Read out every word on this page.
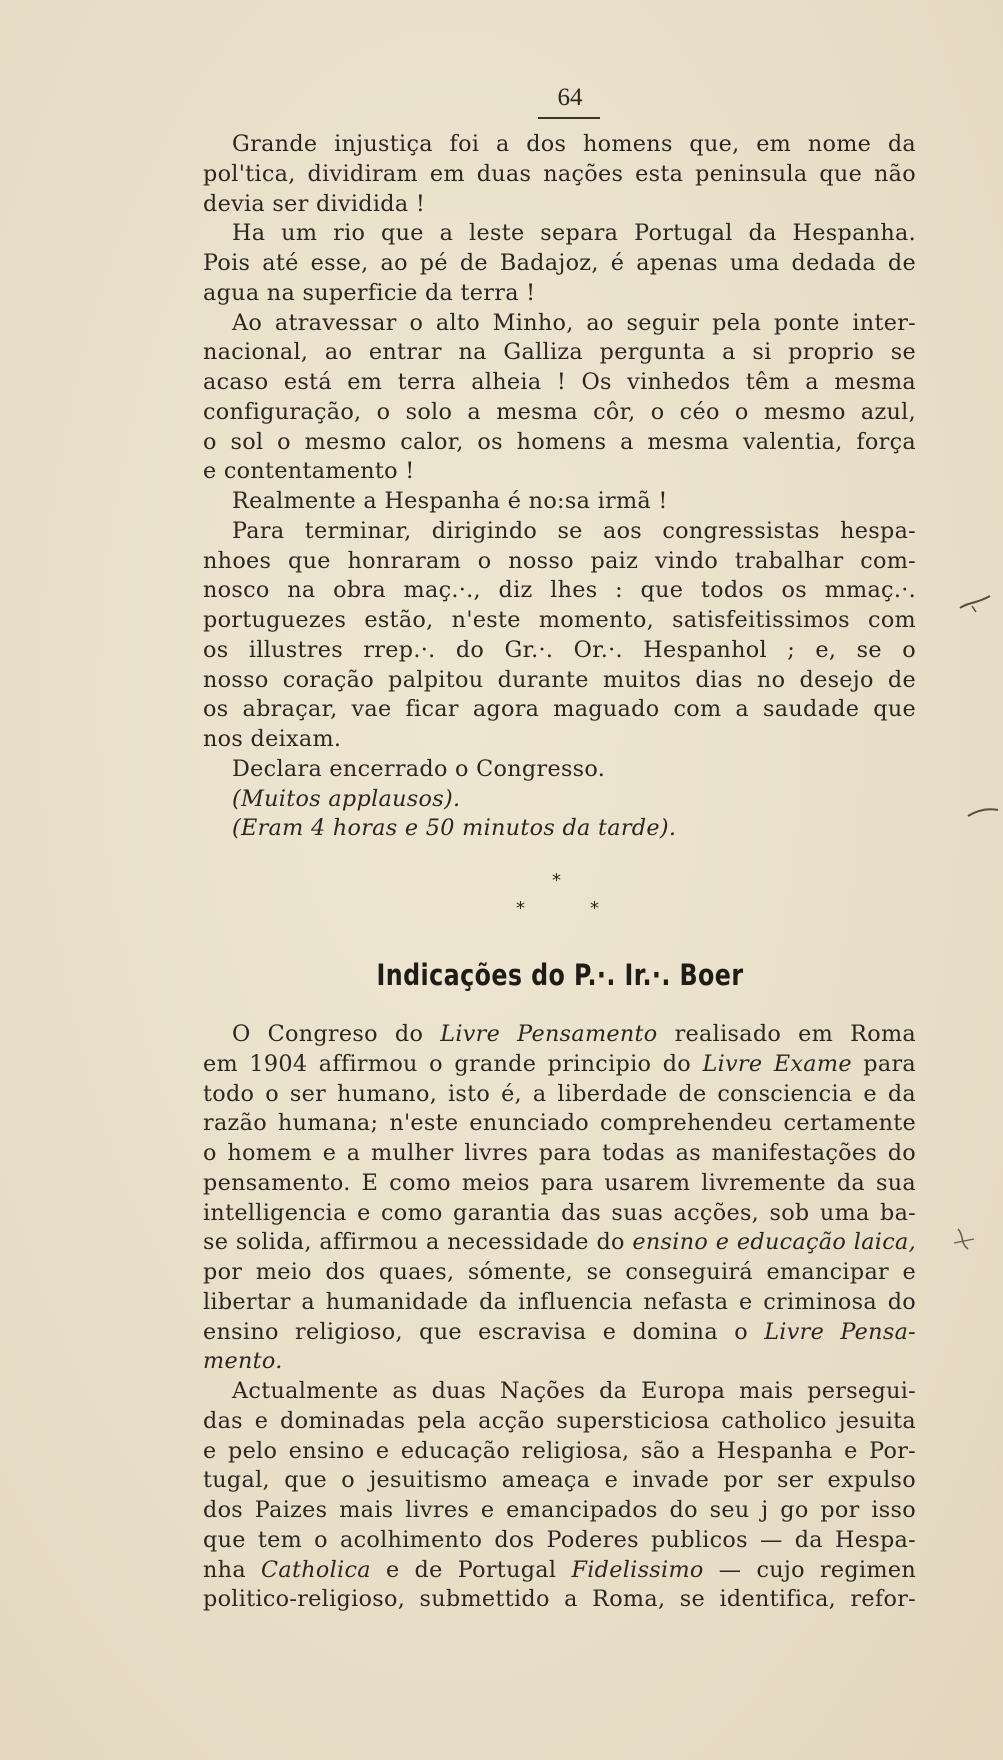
64
Grande injustiça foi a dos homens que, em nome da
pol'tica, dividiram em duas nações esta peninsula que não
devia ser dividida !
Ha um rio que a leste separa Portugal da Hespanha.
Pois até esse, ao pé de Badajoz, é apenas uma dedada de
agua na superficie da terra !
Ao atravessar o alto Minho, ao seguir pela ponte inter-
nacional, ao entrar na Galliza pergunta a si proprio se
acaso está em terra alheia ! Os vinhedos têm a mesma
configuração, o solo a mesma côr, o céo o mesmo azul,
o sol o mesmo calor, os homens a mesma valentia, força
e contentamento !
Realmente a Hespanha é no:sa irmã !
Para terminar, dirigindo se aos congressistas hespa-
nhoes que honraram o nosso paiz vindo trabalhar com-
nosco na obra maç.·., diz lhes : que todos os mmaç.·.
portuguezes estão, n'este momento, satisfeitissimos com
os illustres rrep.·. do Gr.·. Or.·. Hespanhol ; e, se o
nosso coração palpitou durante muitos dias no desejo de
os abraçar, vae ficar agora maguado com a saudade que
nos deixam.
Declara encerrado o Congresso.
(Muitos applausos).
(Eram 4 horas e 50 minutos da tarde).
*
*	*
Indicações do P.·. Ir.·. Boer
O Congreso do Livre Pensamento realisado em Roma
em 1904 affirmou o grande principio do Livre Exame para
todo o ser humano, isto é, a liberdade de consciencia e da
razão humana; n'este enunciado comprehendeu certamente
o homem e a mulher livres para todas as manifestações do
pensamento. E como meios para usarem livremente da sua
intelligencia e como garantia das suas acções, sob uma ba-
se solida, affirmou a necessidade do ensino e educação laica,
por meio dos quaes, sómente, se conseguirá emancipar e
libertar a humanidade da influencia nefasta e criminosa do
ensino religioso, que escravisa e domina o Livre Pensa-
mento.
Actualmente as duas Nações da Europa mais persegui-
das e dominadas pela acção supersticiosa catholico jesuita
e pelo ensino e educação religiosa, são a Hespanha e Por-
tugal, que o jesuitismo ameaça e invade por ser expulso
dos Paizes mais livres e emancipados do seu j go por isso
que tem o acolhimento dos Poderes publicos — da Hespa-
nha Catholica e de Portugal Fidelissimo — cujo regimen
politico-religioso, submettido a Roma, se identifica, refor-
